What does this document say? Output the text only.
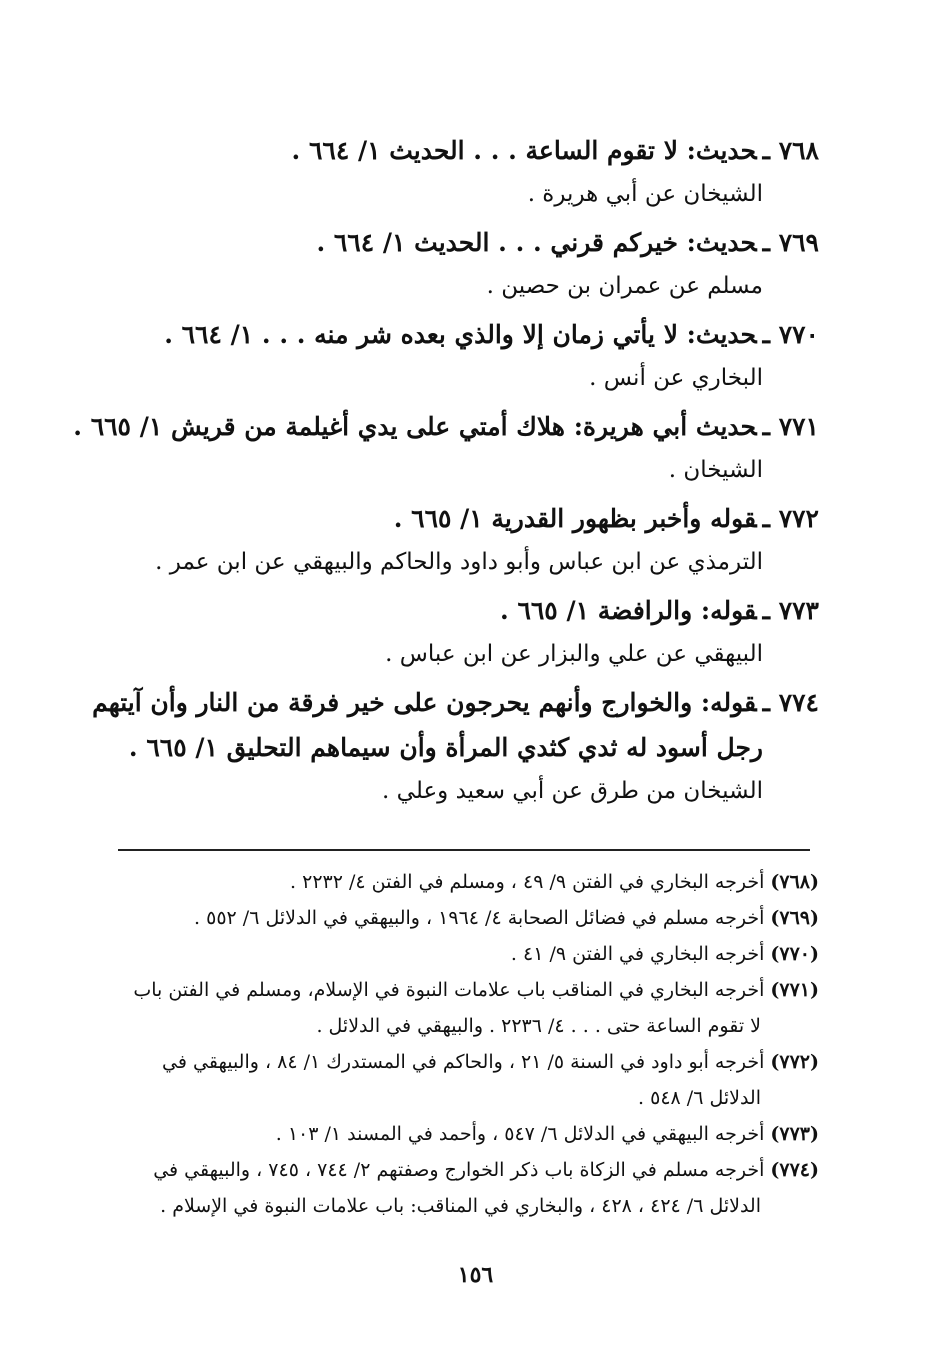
٧٦٨ ـحديث: لا تقوم الساعة . . . الحديث ١/ ٦٦٤ .
الشيخان عن أبي هريرة .
٧٦٩ ـحديث: خيركم قرني . . . الحديث ١/ ٦٦٤ .
مسلم عن عمران بن حصين .
٧٧٠ ـحديث: لا يأتي زمان إلا والذي بعده شر منه . . . ١/ ٦٦٤ .
البخاري عن أنس .
٧٧١ ـحديث أبي هريرة: هلاك أمتي على يدي أغيلمة من قريش ١/ ٦٦٥ .
الشيخان .
٧٧٢ ـقوله وأخبر بظهور القدرية ١/ ٦٦٥ .
الترمذي عن ابن عباس وأبو داود والحاكم والبيهقي عن ابن عمر .
٧٧٣ ـقوله: والرافضة ١/ ٦٦٥ .
البيهقي عن علي والبزار عن ابن عباس .
٧٧٤ ـقوله: والخوارج وأنهم يحرجون على خير فرقة من النار وأن آيتهم
رجل أسود له ثدي كثدي المرأة وأن سيماهم التحليق ١/ ٦٦٥ .
الشيخان من طرق عن أبي سعيد وعلي .
(٧٦٨)أخرجه البخاري في الفتن ٩/ ٤٩ ، ومسلم في الفتن ٤/ ٢٢٣٢ .
(٧٦٩)أخرجه مسلم في فضائل الصحابة ٤/ ١٩٦٤ ، والبيهقي في الدلائل ٦/ ٥٥٢ .
(٧٧٠)أخرجه البخاري في الفتن ٩/ ٤١ .
(٧٧١)أخرجه البخاري في المناقب باب علامات النبوة في الإسلام، ومسلم في الفتن باب
لا تقوم الساعة حتى . . . ٤/ ٢٢٣٦ . والبيهقي في الدلائل .
(٧٧٢)أخرجه أبو داود في السنة ٥/ ٢١ ، والحاكم في المستدرك ١/ ٨٤ ، والبيهقي في
الدلائل ٦/ ٥٤٨ .
(٧٧٣)أخرجه البيهقي في الدلائل ٦/ ٥٤٧ ، وأحمد في المسند ١/ ١٠٣ .
(٧٧٤)أخرجه مسلم في الزكاة باب ذكر الخوارج وصفتهم ٢/ ٧٤٤ ، ٧٤٥ ، والبيهقي في
الدلائل ٦/ ٤٢٤ ، ٤٢٨ ، والبخاري في المناقب: باب علامات النبوة في الإسلام .
١٥٦
